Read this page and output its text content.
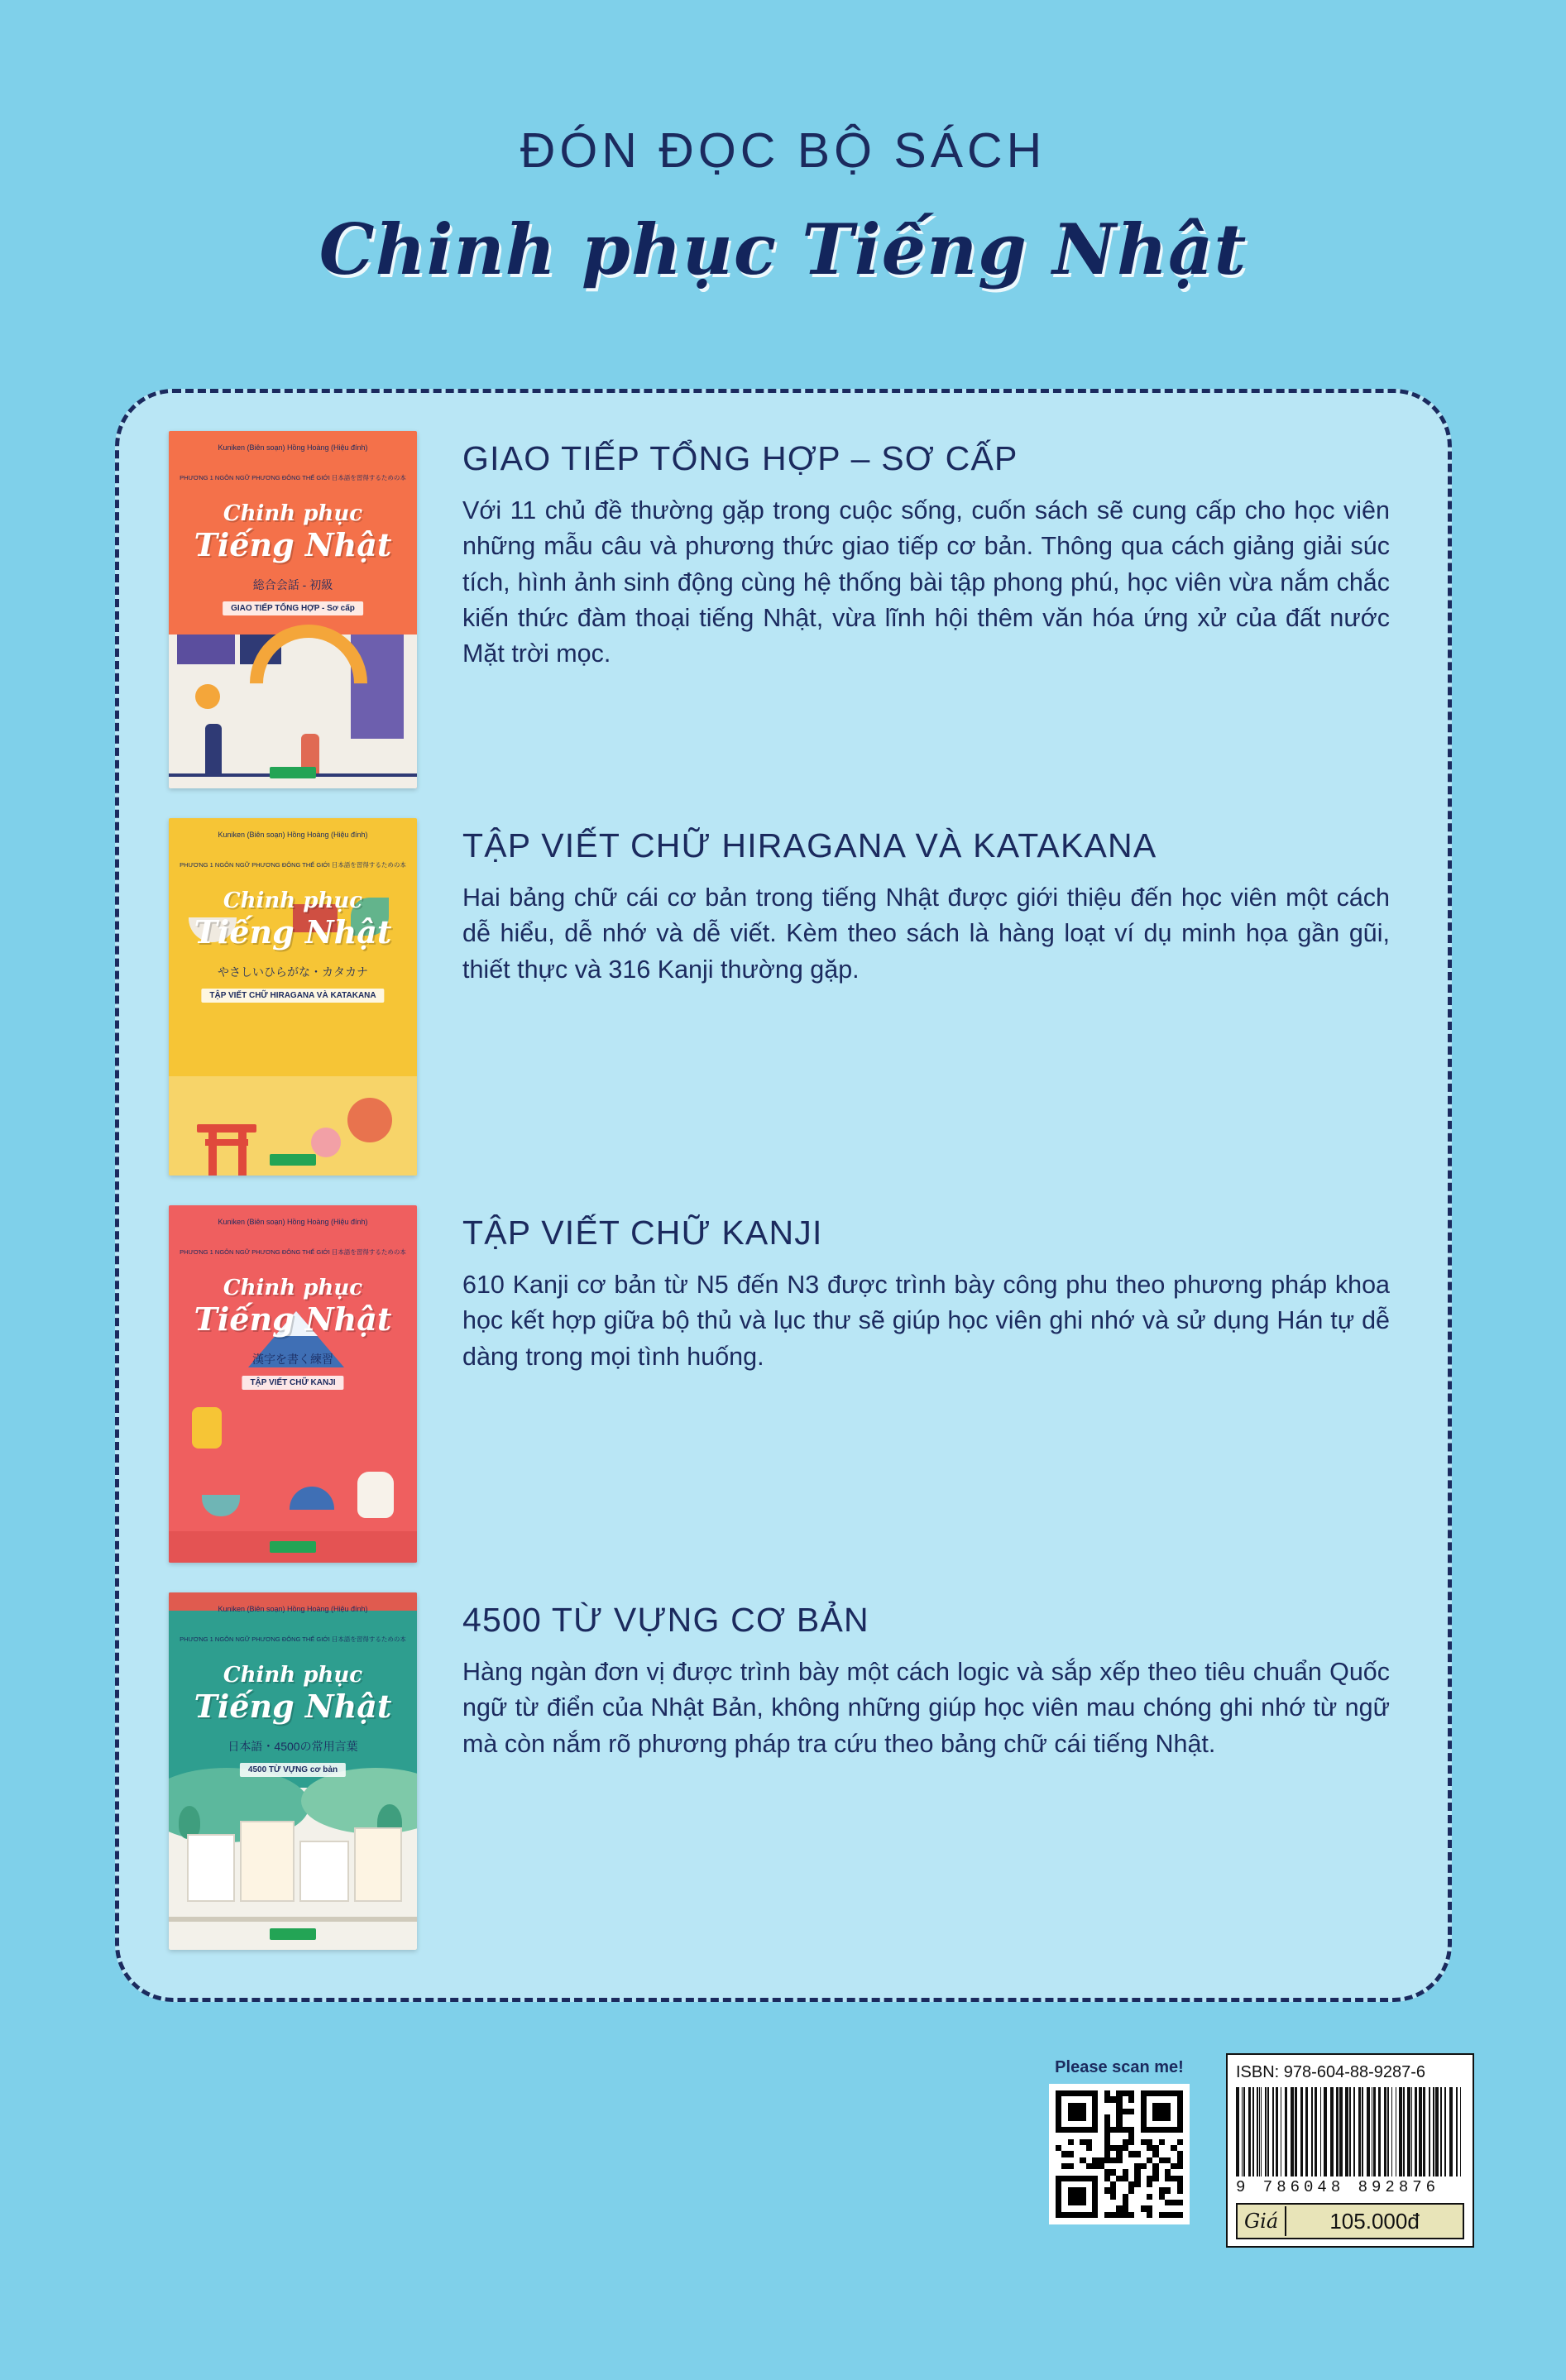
ĐÓN ĐỌC BỘ SÁCH
Chinh phục Tiếng Nhật
Kuniken (Biên soạn) Hồng Hoàng (Hiệu đính)
PHƯƠNG 1 NGÔN NGỮ PHƯƠNG ĐÔNG THẾ GIỚI 日本語を習得するための本
Chinh phục
Tiếng Nhật
総合会話 - 初級
GIAO TIẾP TỔNG HỢP - Sơ cấp
GIAO TIẾP TỔNG HỢP – SƠ CẤP

Với 11 chủ đề thường gặp trong cuộc sống, cuốn sách sẽ cung cấp cho học viên những mẫu câu và phương thức giao tiếp cơ bản. Thông qua cách giảng giải súc tích, hình ảnh sinh động cùng hệ thống bài tập phong phú, học viên vừa nắm chắc kiến thức đàm thoại tiếng Nhật, vừa lĩnh hội thêm văn hóa ứng xử của đất nước Mặt trời mọc.

Kuniken (Biên soạn) Hồng Hoàng (Hiệu đính)
PHƯƠNG 1 NGÔN NGỮ PHƯƠNG ĐÔNG THẾ GIỚI 日本語を習得するための本
Chinh phục
Tiếng Nhật
やさしいひらがな・カタカナ
TẬP VIẾT CHỮ HIRAGANA VÀ KATAKANA
TẬP VIẾT CHỮ HIRAGANA VÀ KATAKANA

Hai bảng chữ cái cơ bản trong tiếng Nhật được giới thiệu đến học viên một cách dễ hiểu, dễ nhớ và dễ viết. Kèm theo sách là hàng loạt ví dụ minh họa gần gũi, thiết thực và 316 Kanji thường gặp.

Kuniken (Biên soạn) Hồng Hoàng (Hiệu đính)
PHƯƠNG 1 NGÔN NGỮ PHƯƠNG ĐÔNG THẾ GIỚI 日本語を習得するための本
Chinh phục
Tiếng Nhật
漢字を書く練習
TẬP VIẾT CHỮ KANJI
TẬP VIẾT CHỮ KANJI

610 Kanji cơ bản từ N5 đến N3 được trình bày công phu theo phương pháp khoa học kết hợp giữa bộ thủ và lục thư sẽ giúp học viên ghi nhớ và sử dụng Hán tự dễ dàng trong mọi tình huống.

Kuniken (Biên soạn) Hồng Hoàng (Hiệu đính)
PHƯƠNG 1 NGÔN NGỮ PHƯƠNG ĐÔNG THẾ GIỚI 日本語を習得するための本
Chinh phục
Tiếng Nhật
日本語・4500の常用言葉
4500 TỪ VỰNG cơ bản
4500 TỪ VỰNG CƠ BẢN

Hàng ngàn đơn vị được trình bày một cách logic và sắp xếp theo tiêu chuẩn Quốc ngữ từ điển của Nhật Bản, không những giúp học viên mau chóng ghi nhớ từ ngữ mà còn nắm rõ phương pháp tra cứu theo bảng chữ cái tiếng Nhật.

Please scan me!	ISBN: 978-604-88-9287-6
9 786048 892876
Giá	105.000đ
